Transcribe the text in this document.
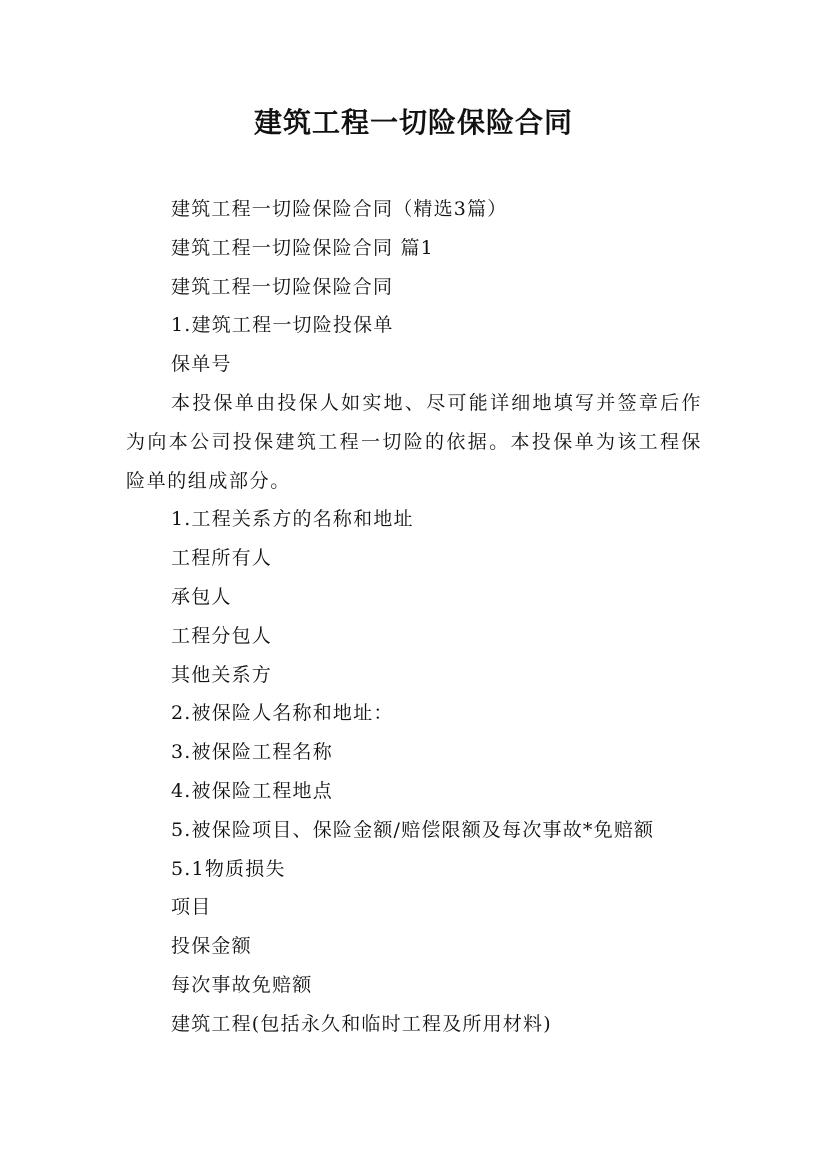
建筑工程一切险保险合同

建筑工程一切险保险合同（精选3篇）

建筑工程一切险保险合同 篇1

建筑工程一切险保险合同

1.建筑工程一切险投保单

保单号

本投保单由投保人如实地、尽可能详细地填写并签章后作为向本公司投保建筑工程一切险的依据。本投保单为该工程保险单的组成部分。

1.工程关系方的名称和地址

工程所有人

承包人

工程分包人

其他关系方

2.被保险人名称和地址：

3.被保险工程名称

4.被保险工程地点

5.被保险项目、保险金额/赔偿限额及每次事故*免赔额

5.1物质损失

项目

投保金额

每次事故免赔额

建筑工程(包括永久和临时工程及所用材料)
